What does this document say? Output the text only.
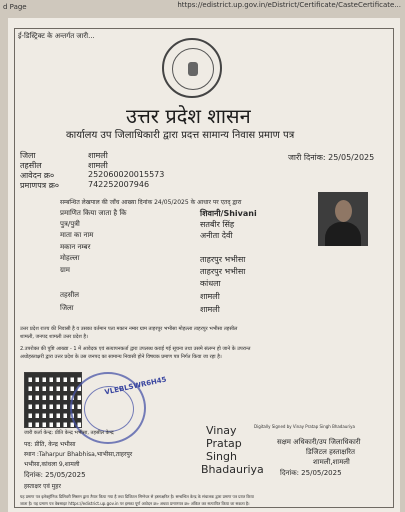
d Page	https://edistrict.up.gov.in/eDistrict/Certificate/CasteCertificate...
ई-डिस्ट्रिक्ट के अन्तर्गत जारी...
उत्तर प्रदेश शासन
कार्यालय उप जिलाधिकारी द्वारा प्रदत्त सामान्य निवास प्रमाण पत्र
जिला	शामली
तहसील	शामली
आवेदन क्र०	252060020015573
प्रमाणपत्र क्र०	742252007946
जारी दिनांक: 25/05/2025
सम्बन्धित लेखपाल की जाँच आख्या दिनांक 24/05/2025 के आधार पर एतद् द्वारा
प्रमाणित किया जाता है कि	शिवानी/Shivani
पुत्र/पुत्री	सतबीर सिंह
माता का नाम	अनीता देवी
मकान नम्बर
मोहल्ला	ताहरपुर भभीसा
ग्राम	ताहरपुर भभीसा
कांधला
तहसील	शामली
जिला	शामली
उत्तर प्रदेश राज्य की निवासी है व उसका वर्तमान पता मकान नम्बर ग्राम ताहरपुर भभीसा मोहल्ला ताहरपुर भभीसा तहसील
शामली, जनपद शामली उत्तर प्रदेश है।
2.उपरोक्त की पुष्टि आख्या - 1 में आवेदक एवं सत्यापनकर्ता द्वारा उपलब्ध कराई गई सूचना तथा उसमे संलग्न हो जाने के उपरान्त
अधोहस्ताक्षरी द्वारा उत्तर प्रदेश के उस जनपद का सामान्य निवासी होने विषयक प्रमाण पत्र निर्गत किया जा रहा है।
VLEBLSWR6H45
जारी कर्ता केन्द्र: प्रीति केन्द्र भभीसा, तहसील केन्द्र
पद: प्रीति, केन्द्र भभीसा
स्थान :Taharpur Bhabhisa,भाभीसा,ताहरपुर
भभीसा,कांधला 9,शामली
दिनांक: 25/05/2025
हस्ताक्षर एवं मुहर
Vinay
Pratap
Singh
Bhadauriya
Digitally Signed by Vinay Pratap Singh Bhadauriya
सक्षम अधिकारी/उप जिलाधिकारी
डिजिटल हस्ताक्षरित
शामली,शामली
दिनांक: 25/05/2025
यह प्रमाण पत्र इलेक्ट्रॉनिक डिलिवरी सिस्टम द्वारा तैयार किया गया है तथा डिजिटल सिग्नेचर से हस्ताक्षरित है। सम्बन्धित केन्द्र के संचालक द्वारा प्रमाण पत्र प्राप्त किया
जाता है। यह प्रमाण पत्र वेबसाइट https://edistrict.up.gov.in पर इसका पूर्ण आवेदन क्र० अथवा प्रमाणपत्र क्र० अंकित कर सत्यापित किया जा सकता है।
